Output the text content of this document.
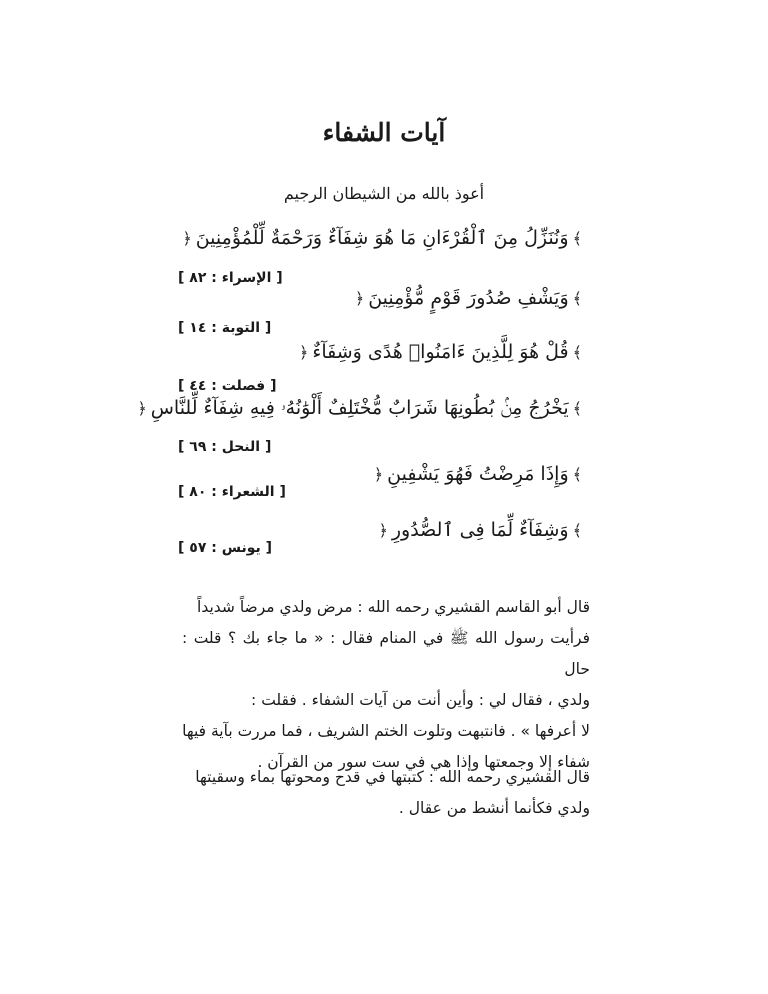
آيات الشفاء
أعوذ بالله من الشيطان الرجيم
﴾وَنُنَزِّلُ مِنَ ٱلْقُرْءَانِ مَا هُوَ شِفَآءٌ وَرَحْمَةٌ لِّلْمُؤْمِنِينَ﴿
[ الإسراء : ٨٢ ]
﴾وَيَشْفِ صُدُورَ قَوْمٍ مُّؤْمِنِينَ﴿
[ التوبة : ١٤ ]
﴾قُلْ هُوَ لِلَّذِينَ ءَامَنُوا۟ هُدًى وَشِفَآءٌ﴿
[ فصلت : ٤٤ ]
﴾يَخْرُجُ مِنۢ بُطُونِهَا شَرَابٌ مُّخْتَلِفٌ أَلْوَٰنُهُۥ فِيهِ شِفَآءٌ لِّلنَّاسِ﴿
[ النحل : ٦٩ ]
﴾وَإِذَا مَرِضْتُ فَهُوَ يَشْفِينِ﴿
[ الشعراء : ٨٠ ]
﴾وَشِفَآءٌ لِّمَا فِى ٱلصُّدُورِ﴿
[ يونس : ٥٧ ]
قال أبو القاسم القشيري رحمه الله : مرض ولدي مرضاً شديداً
فرأيت رسول الله ﷺ في المنام فقال : « ما جاء بك ؟ قلت : حال
ولدي ، فقال لي : وأين أنت من آيات الشفاء . فقلت :
لا أعرفها » . فانتبهت وتلوت الختم الشريف ، فما مررت بآية فيها
شفاء إلا وجمعتها وإذا هي في ست سور من القرآن .
قال القشيري رحمه الله : كتبتها في قدح ومحوتها بماء وسقيتها
ولدي فكأنما أنشط من عقال .
